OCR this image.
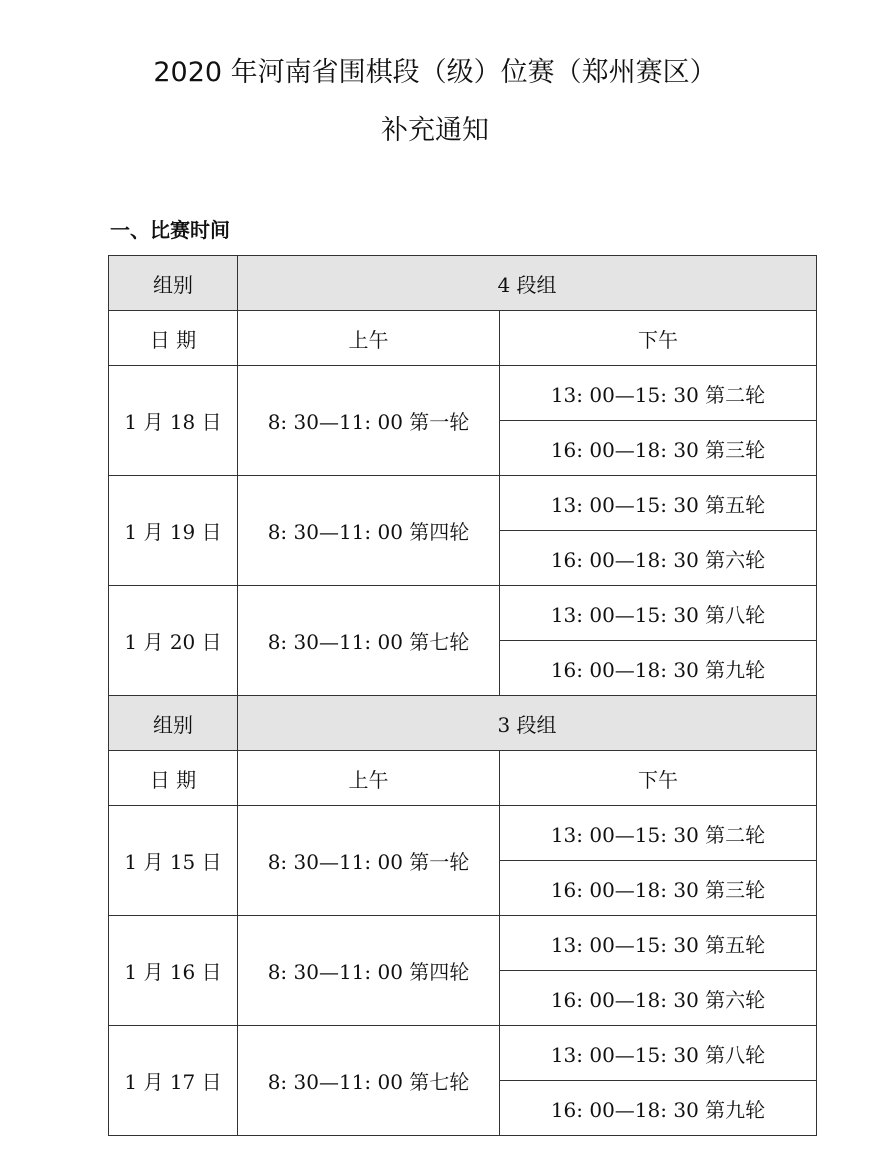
2020 年河南省围棋段（级）位赛（郑州赛区）
补充通知
一、比赛时间
组别	4 段组	
日 期	上午	下午
1 月 18 日	8: 30—11: 00 第一轮	13: 00—15: 30 第二轮
		16: 00—18: 30 第三轮
1 月 19 日	8: 30—11: 00 第四轮	13: 00—15: 30 第五轮
		16: 00—18: 30 第六轮
1 月 20 日	8: 30—11: 00 第七轮	13: 00—15: 30 第八轮
		16: 00—18: 30 第九轮
组别	3 段组	
日 期	上午	下午
1 月 15 日	8: 30—11: 00 第一轮	13: 00—15: 30 第二轮
		16: 00—18: 30 第三轮
1 月 16 日	8: 30—11: 00 第四轮	13: 00—15: 30 第五轮
		16: 00—18: 30 第六轮
1 月 17 日	8: 30—11: 00 第七轮	13: 00—15: 30 第八轮
		16: 00—18: 30 第九轮
